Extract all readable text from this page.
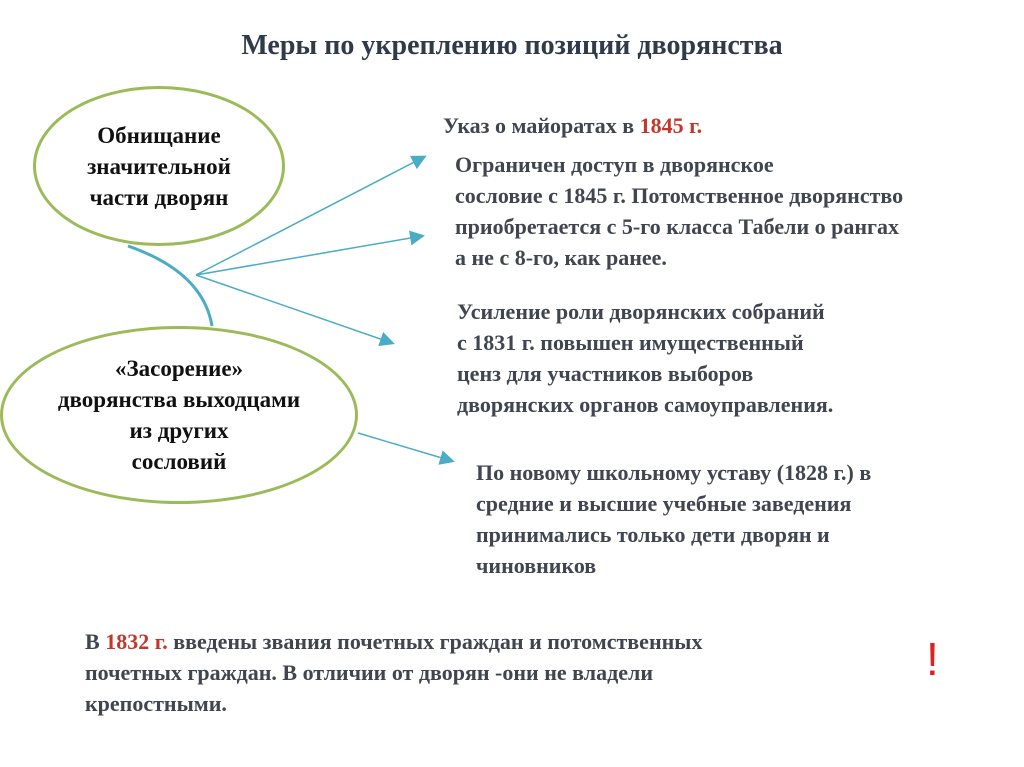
Меры по укреплению позиций дворянства
Обнищание
значительной
части дворян
«Засорение»
дворянства выходцами
из других
сословий
Указ о майоратах в 1845 г.
Ограничен доступ в дворянское
сословие с 1845 г. Потомственное дворянство
приобретается с 5-го класса Табели о рангах
а не с 8-го, как ранее.
Усиление роли дворянских собраний
с 1831 г. повышен имущественный
ценз для участников выборов
дворянских органов самоуправления.
По новому школьному уставу (1828 г.) в
средние и высшие учебные заведения
принимались только дети дворян и
чиновников
В 1832 г. введены звания почетных граждан и потомственных
почетных граждан. В отличии от дворян -они не владели
крепостными.
!
